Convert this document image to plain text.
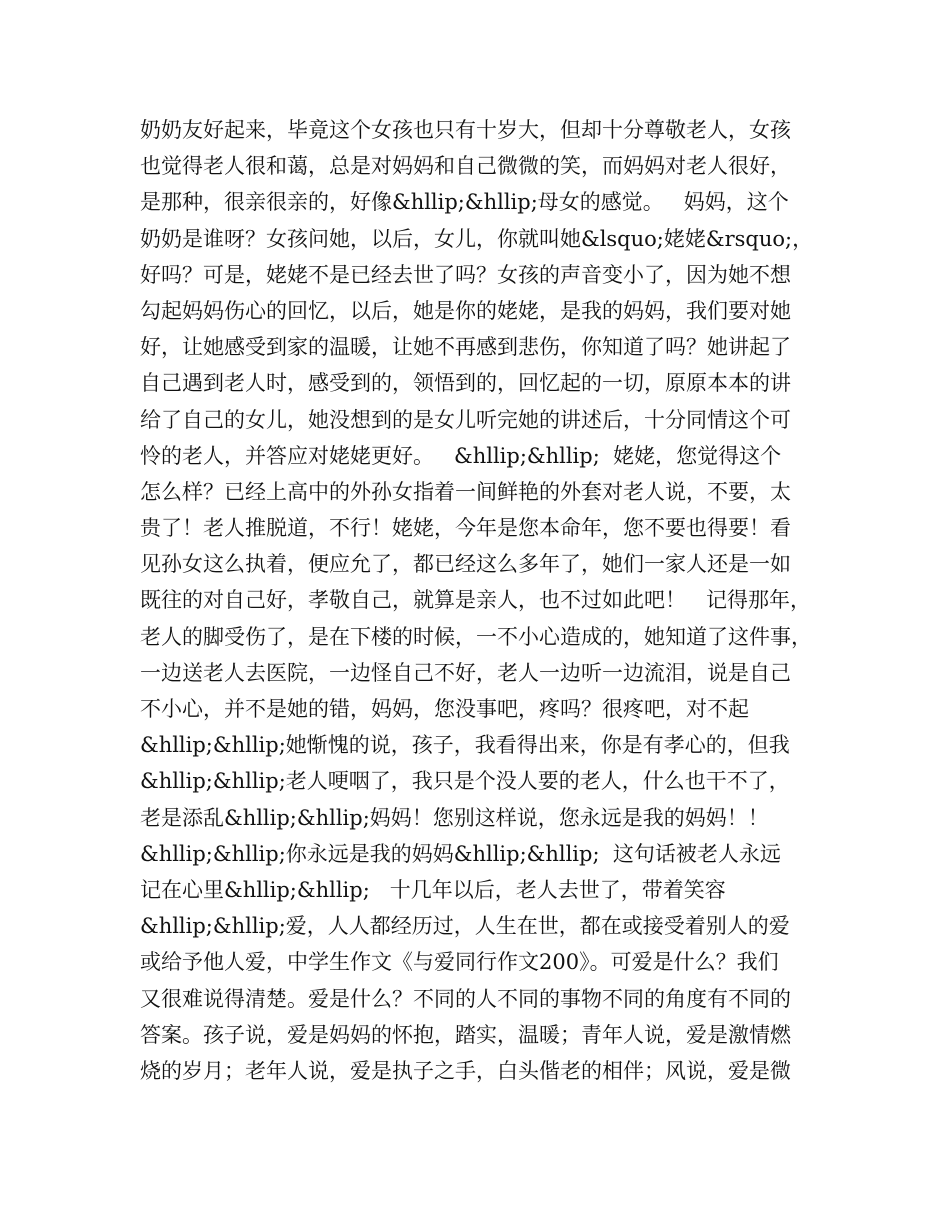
奶奶友好起来，毕竟这个女孩也只有十岁大，但却十分尊敬老人，女孩
也觉得老人很和蔼，总是对妈妈和自己微微的笑，而妈妈对老人很好，
是那种，很亲很亲的，好像&hllip;&hllip;母女的感觉。   妈妈，这个
奶奶是谁呀？女孩问她，以后，女儿，你就叫她&lsquo;姥姥&rsquo;，
好吗？可是，姥姥不是已经去世了吗？女孩的声音变小了，因为她不想
勾起妈妈伤心的回忆，以后，她是你的姥姥，是我的妈妈，我们要对她
好，让她感受到家的温暖，让她不再感到悲伤，你知道了吗？她讲起了
自己遇到老人时，感受到的，领悟到的，回忆起的一切，原原本本的讲
给了自己的女儿，她没想到的是女儿听完她的讲述后，十分同情这个可
怜的老人，并答应对姥姥更好。   &hllip;&hllip;  姥姥，您觉得这个
怎么样？已经上高中的外孙女指着一间鲜艳的外套对老人说，不要，太
贵了！老人推脱道，不行！姥姥，今年是您本命年，您不要也得要！看
见孙女这么执着，便应允了，都已经这么多年了，她们一家人还是一如
既往的对自己好，孝敬自己，就算是亲人，也不过如此吧！   记得那年，
老人的脚受伤了，是在下楼的时候，一不小心造成的，她知道了这件事，
一边送老人去医院，一边怪自己不好，老人一边听一边流泪，说是自己
不小心，并不是她的错，妈妈，您没事吧，疼吗？很疼吧，对不起
&hllip;&hllip;她惭愧的说，孩子，我看得出来，你是有孝心的，但我
&hllip;&hllip;老人哽咽了，我只是个没人要的老人，什么也干不了，
老是添乱&hllip;&hllip;妈妈！您别这样说，您永远是我的妈妈！！
&hllip;&hllip;你永远是我的妈妈&hllip;&hllip;  这句话被老人永远
记在心里&hllip;&hllip;   十几年以后，老人去世了，带着笑容
&hllip;&hllip;爱，人人都经历过，人生在世，都在或接受着别人的爱
或给予他人爱，中学生作文《与爱同行作文200》。可爱是什么？我们
又很难说得清楚。爱是什么？不同的人不同的事物不同的角度有不同的
答案。孩子说，爱是妈妈的怀抱，踏实，温暖；青年人说，爱是激情燃
烧的岁月；老年人说，爱是执子之手，白头偕老的相伴；风说，爱是微
